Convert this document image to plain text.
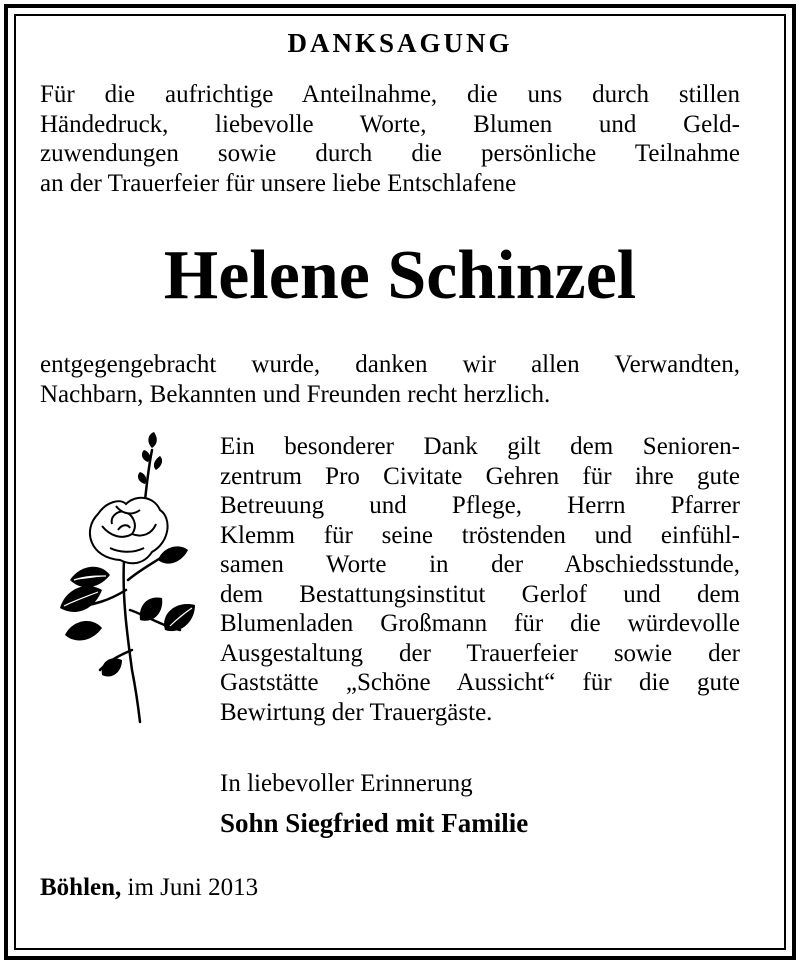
DANKSAGUNG
Für die aufrichtige Anteilnahme, die uns durch stillen
Händedruck, liebevolle Worte, Blumen und Geld-
zuwendungen sowie durch die persönliche Teilnahme
an der Trauerfeier für unsere liebe Entschlafene
Helene Schinzel
entgegengebracht wurde, danken wir allen Verwandten,
Nachbarn, Bekannten und Freunden recht herzlich.
Ein besonderer Dank gilt dem Senioren-
zentrum Pro Civitate Gehren für ihre gute
Betreuung und Pflege, Herrn Pfarrer
Klemm für seine tröstenden und einfühl-
samen Worte in der Abschiedsstunde,
dem Bestattungsinstitut Gerlof und dem
Blumenladen Großmann für die würdevolle
Ausgestaltung der Trauerfeier sowie der
Gaststätte „Schöne Aussicht“ für die gute
Bewirtung der Trauergäste.
In liebevoller Erinnerung
Sohn Siegfried mit Familie
Böhlen, im Juni 2013
